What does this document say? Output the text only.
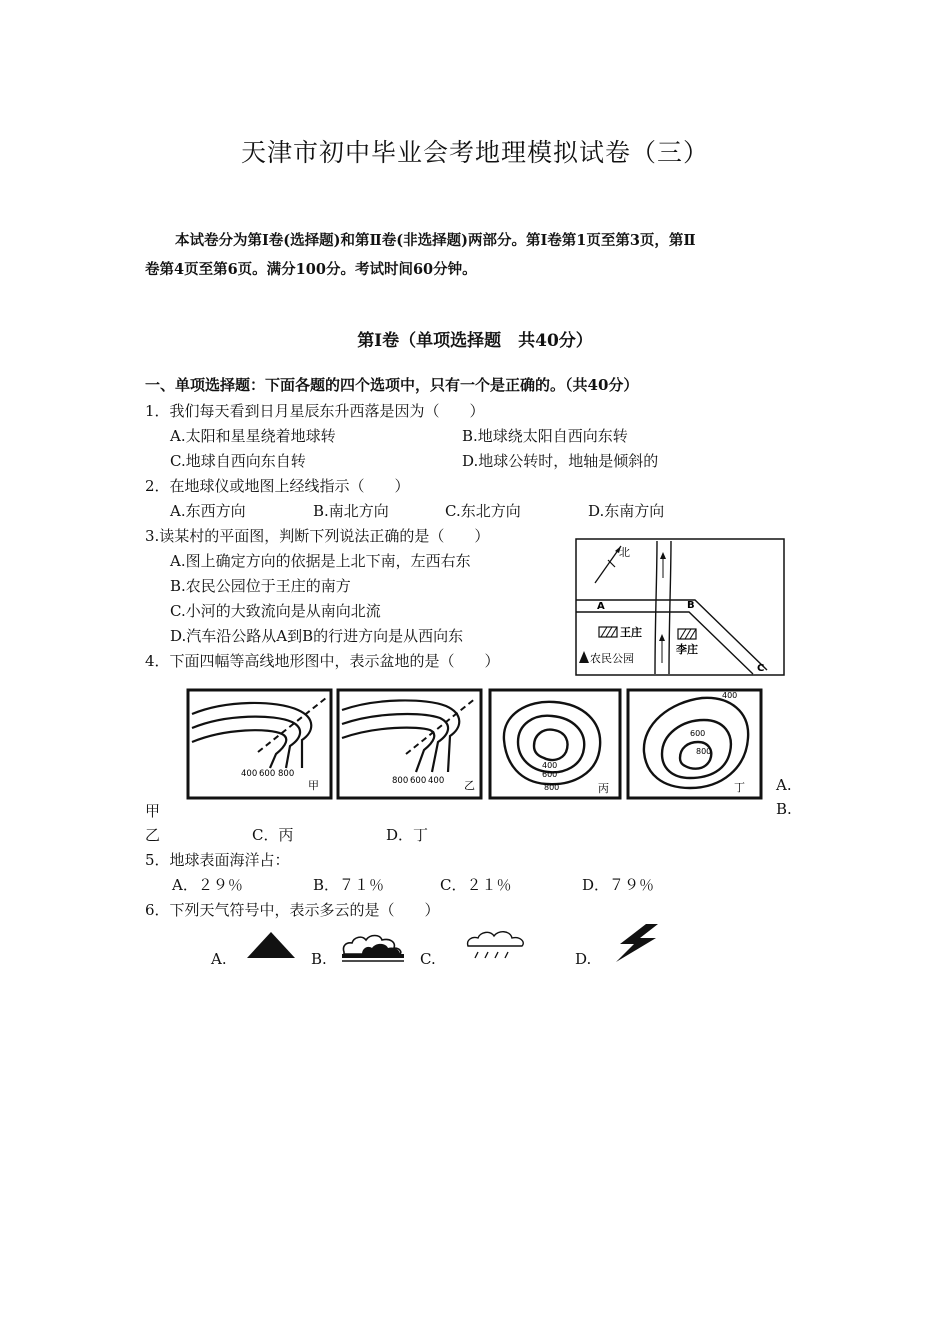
天津市初中毕业会考地理模拟试卷（三）
本试卷分为第Ⅰ卷(选择题)和第Ⅱ卷(非选择题)两部分。第Ⅰ卷第1页至第3页，第Ⅱ
卷第4页至第6页。满分100分。考试时间60分钟。
第Ⅰ卷（单项选择题　共40分）
一、单项选择题：下面各题的四个选项中，只有一个是正确的。（共40分）
1．我们每天看到日月星辰东升西落是因为（　　）
A.太阳和星星绕着地球转	B.地球绕太阳自西向东转
C.地球自西向东自转	D.地球公转时，地轴是倾斜的
2．在地球仪或地图上经线指示（　　）
A.东西方向	B.南北方向	C.东北方向	D.东南方向
3.读某村的平面图，判断下列说法正确的是（　　）
A.图上确定方向的依据是上北下南，左西右东
B.农民公园位于王庄的南方
C.小河的大致流向是从南向北流
D.汽车沿公路从A到B的行进方向是从西向东
北
A	B
C
王庄
李庄
农民公园
4．下面四幅等高线地形图中，表示盆地的是（　　）
400 600 800
甲	800 600 400 乙
400
600
800	丙
400
600
800
丁 A.
甲	B.
乙	C．丙	D．丁
5．地球表面海洋占：
A．２９％	B．７１％	C．２１％	D．７９％
6．下列天气符号中，表示多云的是（　　）
A.	B.	C.	D.
